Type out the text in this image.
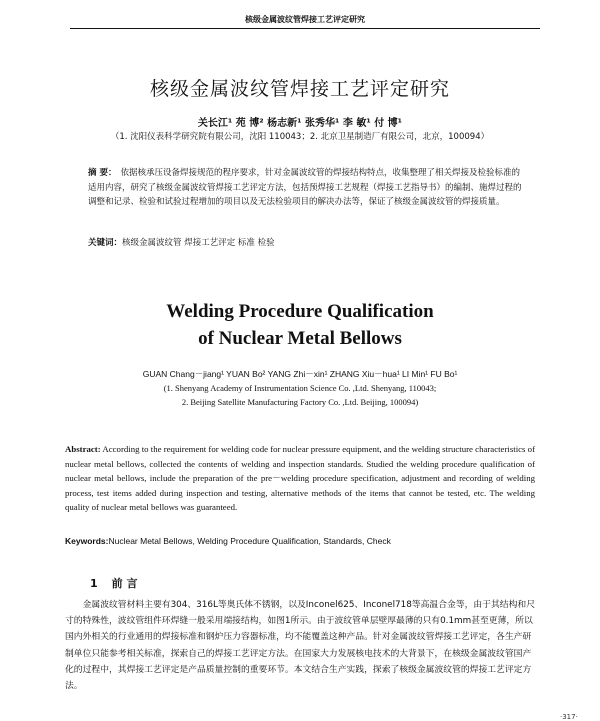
核级金属波纹管焊接工艺评定研究
核级金属波纹管焊接工艺评定研究
关长江¹ 苑 博² 杨志新¹ 张秀华¹ 李 敏¹ 付 博¹
（1. 沈阳仪表科学研究院有限公司，沈阳 110043；2. 北京卫星制造厂有限公司，北京，100094）
摘 要： 依据核承压设备焊接规范的程序要求，针对金属波纹管的焊接结构特点，收集整理了相关焊接及检验标准的适用内容，研究了核级金属波纹管焊接工艺评定方法，包括预焊接工艺规程（焊接工艺指导书）的编制、施焊过程的调整和记录、检验和试验过程增加的项目以及无法检验项目的解决办法等，保证了核级金属波纹管的焊接质量。
关键词：核级金属波纹管 焊接工艺评定 标准 检验
Welding Procedure Qualification
of Nuclear Metal Bellows
GUAN Chang－jiang¹ YUAN Bo² YANG Zhi－xin¹ ZHANG Xiu－hua¹ LI Min¹ FU Bo¹
(1. Shenyang Academy of Instrumentation Science Co. ,Ltd. Shenyang, 110043;
2. Beijing Satellite Manufacturing Factory Co. ,Ltd. Beijing, 100094)
Abstract: According to the requirement for welding code for nuclear pressure equipment, and the welding structure characteristics of nuclear metal bellows, collected the contents of welding and inspection standards. Studied the welding procedure qualification of nuclear metal bellows, include the preparation of the pre－welding procedure specification, adjustment and recording of welding process, test items added during inspection and testing, alternative methods of the items that cannot be tested, etc. The welding quality of nuclear metal bellows was guaranteed.
Keywords:Nuclear Metal Bellows, Welding Procedure Qualification, Standards, Check
1 前 言
金属波纹管材料主要有304、316L等奥氏体不锈钢，以及Inconel625、Inconel718等高温合金等，由于其结构和尺寸的特殊性，波纹管组件环焊缝一般采用端接结构，如图1所示。由于波纹管单层壁厚最薄的只有0.1mm甚至更薄，所以国内外相关的行业通用的焊接标准和钢炉压力容器标准，均不能覆盖这种产品。针对金属波纹管焊接工艺评定，各生产研制单位只能参考相关标准，探索自己的焊接工艺评定方法。在国家大力发展核电技术的大背景下，在核级金属波纹管国产化的过程中，其焊接工艺评定是产品质量控制的重要环节。本文结合生产实践，探索了核级金属波纹管的焊接工艺评定方法。
·317·
